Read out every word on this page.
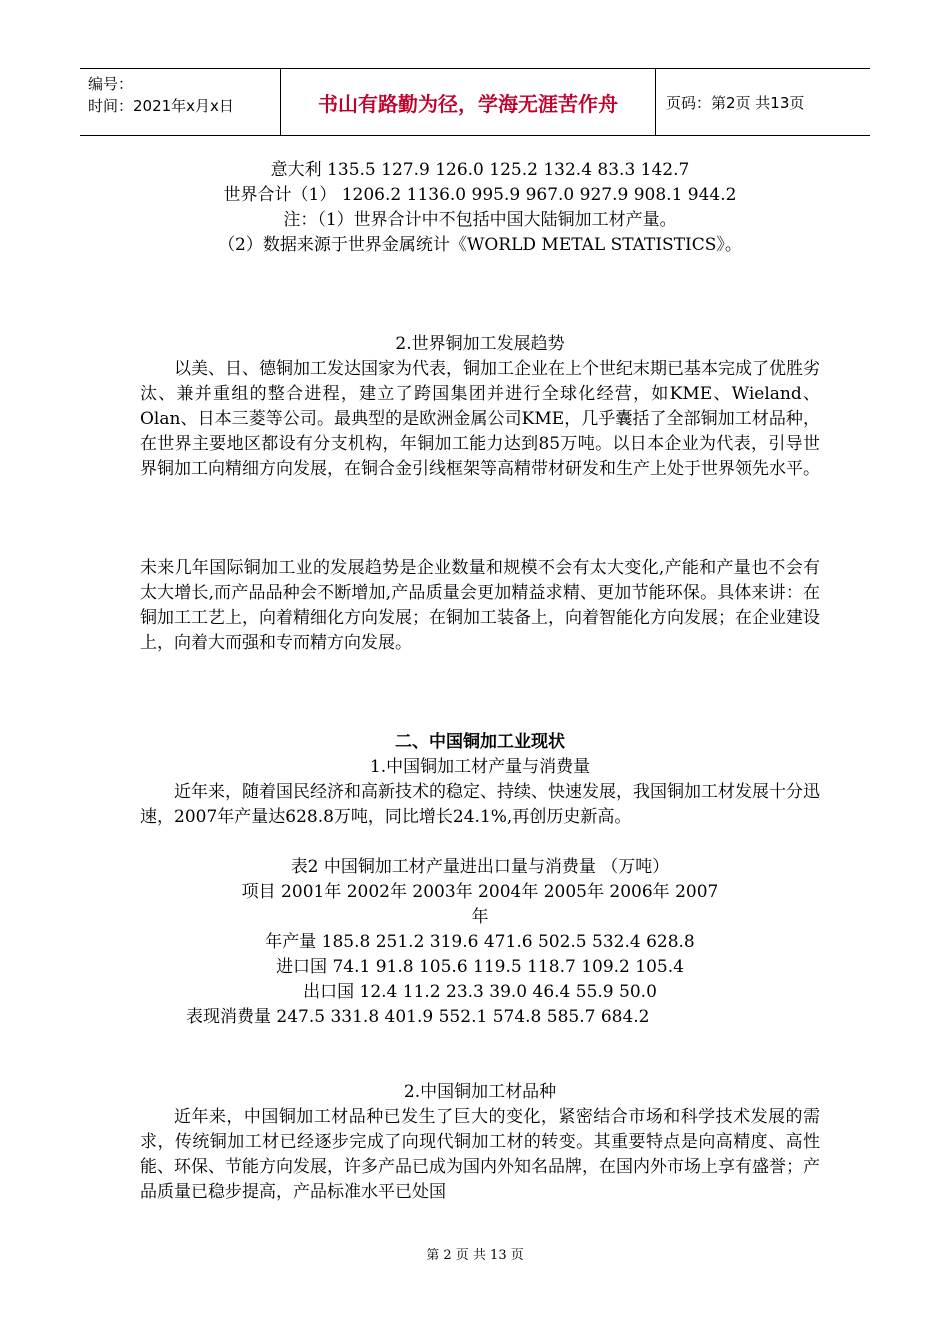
编号：
时间：2021年x月x日	书山有路勤为径，学海无涯苦作舟	页码：第2页 共13页
意大利 135.5 127.9 126.0 125.2 132.4 83.3 142.7
世界合计（1） 1206.2 1136.0 995.9 967.0 927.9 908.1 944.2
注：（1）世界合计中不包括中国大陆铜加工材产量。
（2）数据来源于世界金属统计《WORLD METAL STATISTICS》。
2.世界铜加工发展趋势

以美、日、德铜加工发达国家为代表，铜加工企业在上个世纪末期已基本完成了优胜劣汰、兼并重组的整合进程，建立了跨国集团并进行全球化经营，如KME、Wieland、Olan、日本三菱等公司。最典型的是欧洲金属公司KME，几乎囊括了全部铜加工材品种，在世界主要地区都设有分支机构，年铜加工能力达到85万吨。以日本企业为代表，引导世界铜加工向精细方向发展，在铜合金引线框架等高精带材研发和生产上处于世界领先水平。

未来几年国际铜加工业的发展趋势是企业数量和规模不会有太大变化,产能和产量也不会有太大增长,而产品品种会不断增加,产品质量会更加精益求精、更加节能环保。具体来讲：在铜加工工艺上，向着精细化方向发展；在铜加工装备上，向着智能化方向发展；在企业建设上，向着大而强和专而精方向发展。

二、中国铜加工业现状
1.中国铜加工材产量与消费量

近年来，随着国民经济和高新技术的稳定、持续、快速发展，我国铜加工材发展十分迅速，2007年产量达628.8万吨，同比增长24.1%,再创历史新高。

表2 中国铜加工材产量进出口量与消费量 （万吨）
项目 2001年 2002年 2003年 2004年 2005年 2006年 2007
年
年产量 185.8 251.2 319.6 471.6 502.5 532.4 628.8
进口国 74.1 91.8 105.6 119.5 118.7 109.2 105.4
出口国 12.4 11.2 23.3 39.0 46.4 55.9 50.0
表现消费量 247.5 331.8 401.9 552.1 574.8 585.7 684.2
2.中国铜加工材品种

近年来，中国铜加工材品种已发生了巨大的变化，紧密结合市场和科学技术发展的需求，传统铜加工材已经逐步完成了向现代铜加工材的转变。其重要特点是向高精度、高性能、环保、节能方向发展，许多产品已成为国内外知名品牌，在国内外市场上享有盛誉；产品质量已稳步提高，产品标准水平已处国

第 2 页 共 13 页
